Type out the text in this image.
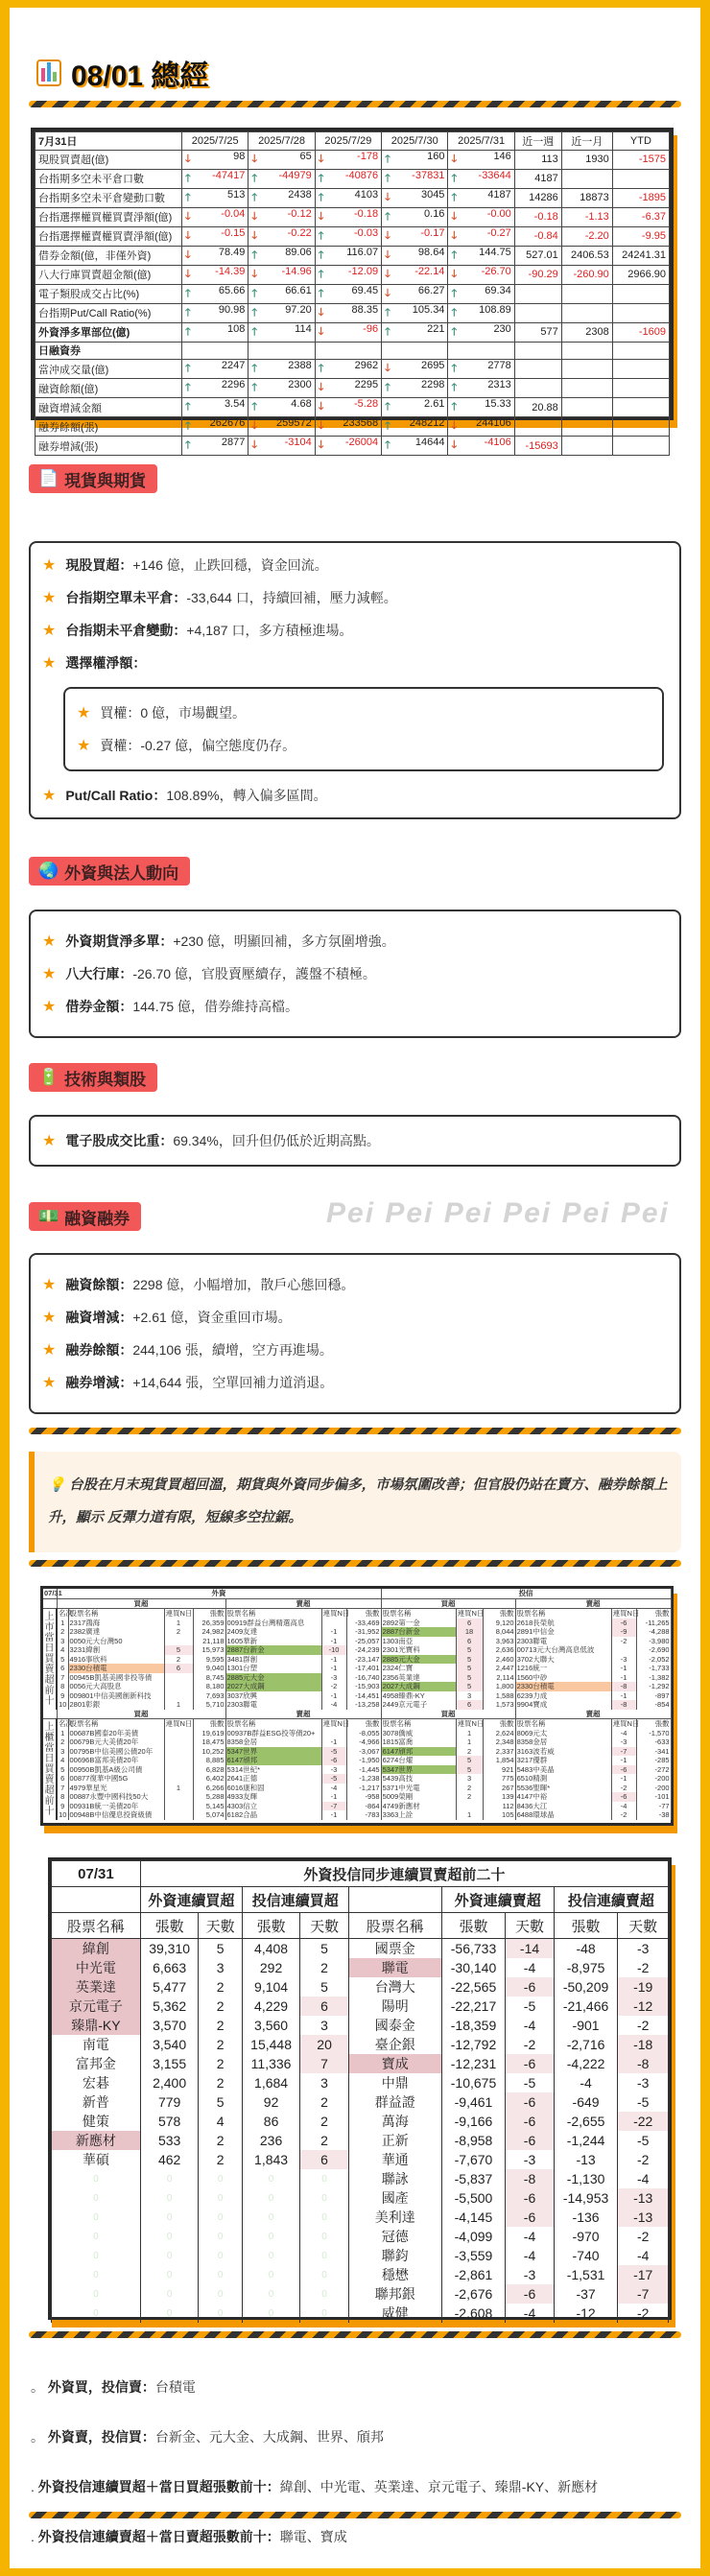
08/01 總經
7月31日	2025/7/25	2025/7/28	2025/7/29	2025/7/30	2025/7/31	近一週	近一月	YTD
現股買賣超(億)	🡓 98	🡓 65	🡓 -178	🡑 160	🡓 146	113	1930	-1575
台指期多空未平倉口數	🡑 -47417	🡑 -44979	🡑 -40876	🡑 -37831	🡑 -33644	4187		
台指期多空未平倉變動口數	🡑 513	🡑 2438	🡑 4103	🡓 3045	🡑 4187	14286	18873	-1895
台指選擇權買權買賣淨額(億)	🡓 -0.04	🡓 -0.12	🡓 -0.18	🡑 0.16	🡓 -0.00	-0.18	-1.13	-6.37
台指選擇權賣權買賣淨額(億)	🡓 -0.15	🡓 -0.22	🡑 -0.03	🡓 -0.17	🡓 -0.27	-0.84	-2.20	-9.95
借券金額(億，非僅外資)	🡓 78.49	🡑 89.06	🡑 116.07	🡓 98.64	🡑 144.75	527.01	2406.53	24241.31
八大行庫買賣超金額(億)	🡓 -14.39	🡓 -14.96	🡑 -12.09	🡓 -22.14	🡓 -26.70	-90.29	-260.90	2966.90
電子類股成交占比(%)	🡑 65.66	🡑 66.61	🡑 69.45	🡓 66.27	🡑 69.34			
台指期Put/Call Ratio(%)	🡑 90.98	🡑 97.20	🡓 88.35	🡑 105.34	🡑 108.89			
外資淨多單部位(億)	🡑 108	🡑 114	🡓 -96	🡑 221	🡑 230	577	2308	-1609
日融資券								
當沖成交量(億)	🡑 2247	🡑 2388	🡑 2962	🡓 2695	🡑 2778			
融資餘額(億)	🡑 2296	🡑 2300	🡓 2295	🡑 2298	🡑 2313			
融資增減金額	🡑 3.54	🡑 4.68	🡓 -5.28	🡑 2.61	🡑 15.33	20.88		
融券餘額(張)	🡑 262676	🡓 259572	🡓 233568	🡑 248212	🡓 244106			
融券增減(張)	🡑 2877	🡓 -3104	🡓 -26004	🡑 14644	🡓 -4106	-15693		
📄 現貨與期貨
★ 現股買超： +146 億，止跌回穩，資金回流。
★ 台指期空單未平倉： -33,644 口，持續回補，壓力減輕。
★ 台指期未平倉變動： +4,187 口，多方積極進場。
★ 選擇權淨額：
★ 買權： 0 億，市場觀望。
★ 賣權： -0.27 億，偏空態度仍存。
★ Put/Call Ratio： 108.89%，轉入偏多區間。
🌏 外資與法人動向
★ 外資期貨淨多單： +230 億，明顯回補，多方氛圍增強。
★ 八大行庫： -26.70 億，官股賣壓續存，護盤不積極。
★ 借券金額： 144.75 億，借券維持高檔。
🔋 技術與類股
★ 電子股成交比重： 69.34%，回升但仍低於近期高點。
💵 融資融券
★ 融資餘額： 2298 億，小幅增加，散戶心態回穩。
★ 融資增減： +2.61 億，資金重回市場。
★ 融券餘額： 244,106 張，續增，空方再進場。
★ 融券增減： +14,644 張，空單回補力道消退。
💡 台股在月末現貨買超回溫，期貨與外資同步偏多，市場氛圍改善；但官股仍站在賣方、融券餘額上升，顯示 反彈力道有限，短線多空拉鋸。
07/31	外資							投信					
	買超				賣超			買超			賣超		
上市當日買賣超前十	名次	股票名稱	連買N日	張數	股票名稱	連買N日	張數	股票名稱	連買N日	張數	股票名稱	連買N日	張數
	1	2317鴻海	1	26,359	00919群益台灣精選高息		-33,469	2892第一金	6	9,120	2618長榮航	-6	-11,265
	2	2382廣達	2	24,982	2409友達	-1	-31,952	2887台新金	18	8,044	2891中信金	-9	-4,288
	3	0050元大台灣50		21,118	1605華新	-1	-25,057	1303南亞	6	3,963	2303聯電	-2	-3,980
	4	3231緯創	5	15,973	2887台新金	-10	-24,239	2301光寶科	5	2,636	00713元大台灣高息低波		-2,690
	5	4916事欣科	2	9,595	3481群創	-1	-23,147	2885元大金	5	2,460	3702大聯大	-3	-2,052
	6	2330台積電	6	9,040	1301台塑	-1	-17,401	2324仁寶	5	2,447	1216統一	-1	-1,733
	7	00945B凱基美國非投等債		8,745	2885元大金	-3	-16,740	2356英業達	5	2,114	1560中砂	-1	-1,382
	8	0056元大高股息		8,180	2027大成鋼	-2	-15,903	2027大成鋼	5	1,800	2330台積電	-8	-1,292
	9	009801中信美國創新科技		7,693	3037欣興	-1	-14,451	4958臻鼎-KY	3	1,588	6239力成	-1	-897
	10	2801彰銀	1	5,710	2303聯電	-4	-13,258	2449京元電子	6	1,573	9904寶成	-8	-854
	買超				賣超			買超			賣超		
上櫃當日買賣超前十	名次	股票名稱	連買N日	張數	股票名稱	連買N日	張數	股票名稱	連買N日	張數	股票名稱	連買N日	張數
	1	00687B國泰20年美債		19,619	00937B群益ESG投等債20+		-8,055	3078僑威	1	2,624	8069元太	-4	-1,570
	2	00679B元大美債20年		18,475	8358金居	-1	-4,966	1815富喬	1	2,348	8358金居	-3	-633
	3	00795B中信美國公債20年		10,252	5347世界	-5	-3,067	6147頎邦	2	2,337	3163波若威	-7	-341
	4	00696B富邦美債20年		8,885	6147頎邦	-6	-1,950	6274台燿	5	1,854	3217優群	-1	-285
	5	00950B凱基A級公司債		6,828	5314世紀*	-3	-1,445	5347世界	5	921	5483中美晶	-6	-272
	6	00877復華中國5G		6,402	2641正德	-5	-1,238	5439高技	3	775	6510精測	-1	-200
	7	4979華星光	1	6,266	6016康和固	-4	-1,217	5371中光電	2	267	5536聖暉*	-2	-200
	8	00887永豐中國科技50大		5,288	4933友輝	-1	-958	5009榮剛	2	139	4147中裕	-6	-101
	9	00931B統一美債20年		5,145	4303信立	-7	-864	4749新應材		112	8436大江	-4	-77
	10	00948B中信優息投資級債		5,074	6182合晶	-1	-783	3363上詮	1	105	6488環球晶	-2	-38
07/31	外資投信同步連續買賣超前二十								
	外資連續買超		投信連續買超			外資連續賣超		投信連續賣超	
股票名稱	張數	天數	張數	天數	股票名稱	張數	天數	張數	天數
緯創	39,310	5	4,408	5	國票金	-56,733	-14	-48	-3
中光電	6,663	3	292	2	聯電	-30,140	-4	-8,975	-2
英業達	5,477	2	9,104	5	台灣大	-22,565	-6	-50,209	-19
京元電子	5,362	2	4,229	6	陽明	-22,217	-5	-21,466	-12
臻鼎-KY	3,570	2	3,560	3	國泰金	-18,359	-4	-901	-2
南電	3,540	2	15,448	20	臺企銀	-12,792	-2	-2,716	-18
富邦金	3,155	2	11,336	7	寶成	-12,231	-6	-4,222	-8
宏碁	2,400	2	1,684	3	中鼎	-10,675	-5	-4	-3
新普	779	5	92	2	群益證	-9,461	-6	-649	-5
健策	578	4	86	2	萬海	-9,166	-6	-2,655	-22
新應材	533	2	236	2	正新	-8,958	-6	-1,244	-5
華碩	462	2	1,843	6	華通	-7,670	-3	-13	-2
0	0	0	0	0	聯詠	-5,837	-8	-1,130	-4
0	0	0	0	0	國產	-5,500	-6	-14,953	-13
0	0	0	0	0	美利達	-4,145	-6	-136	-13
0	0	0	0	0	冠德	-4,099	-4	-970	-2
0	0	0	0	0	聯鈞	-3,559	-4	-740	-4
0	0	0	0	0	穩懋	-2,861	-3	-1,531	-17
0	0	0	0	0	聯邦銀	-2,676	-6	-37	-7
0	0	0	0	0	威健	-2,608	-4	-12	-2
。 外資買，投信賣：台積電
。 外資賣，投信買：台新金、元大金、大成鋼、世界、頎邦
. 外資投信連續買超＋當日買超張數前十：緯創、中光電、英業達、京元電子、臻鼎-KY、新應材
. 外資投信連續賣超＋當日賣超張數前十：聯電、寶成
Pei Pei Pei Pei Pei Pei
